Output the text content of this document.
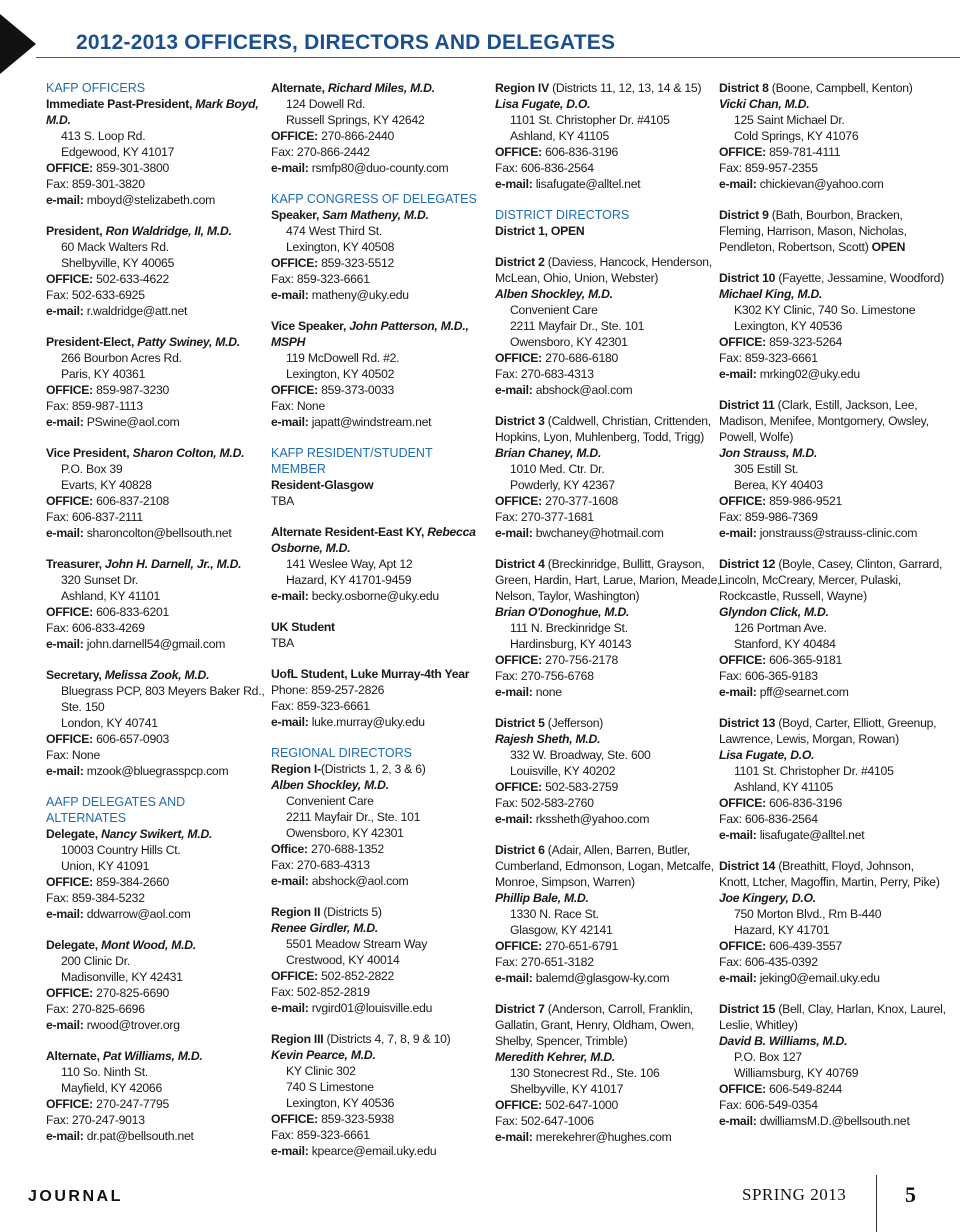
2012-2013 OFFICERS, DIRECTORS AND DELEGATES
KAFP OFFICERS
Immediate Past-President, Mark Boyd, M.D.
413 S. Loop Rd.
Edgewood, KY 41017
OFFICE: 859-301-3800
Fax: 859-301-3820
e-mail: mboyd@stelizabeth.com
President, Ron Waldridge, II, M.D.
60 Mack Walters Rd.
Shelbyville, KY 40065
OFFICE: 502-633-4622
Fax: 502-633-6925
e-mail: r.waldridge@att.net
President-Elect, Patty Swiney, M.D.
266 Bourbon Acres Rd.
Paris, KY 40361
OFFICE: 859-987-3230
Fax: 859-987-1113
e-mail: PSwine@aol.com
Vice President, Sharon Colton, M.D.
P.O. Box 39
Evarts, KY 40828
OFFICE: 606-837-2108
Fax: 606-837-2111
e-mail: sharoncolton@bellsouth.net
Treasurer, John H. Darnell, Jr., M.D.
320 Sunset Dr.
Ashland, KY 41101
OFFICE: 606-833-6201
Fax: 606-833-4269
e-mail: john.darnell54@gmail.com
Secretary, Melissa Zook, M.D.
Bluegrass PCP, 803 Meyers Baker Rd.,
Ste. 150
London, KY 40741
OFFICE: 606-657-0903
Fax: None
e-mail: mzook@bluegrasspcp.com
AAFP DELEGATES AND
ALTERNATES
Delegate, Nancy Swikert, M.D.
10003 Country Hills Ct.
Union, KY 41091
OFFICE: 859-384-2660
Fax: 859-384-5232
e-mail: ddwarrow@aol.com
Delegate, Mont Wood, M.D.
200 Clinic Dr.
Madisonville, KY 42431
OFFICE: 270-825-6690
Fax: 270-825-6696
e-mail: rwood@trover.org
Alternate, Pat Williams, M.D.
110 So. Ninth St.
Mayfield, KY 42066
OFFICE: 270-247-7795
Fax: 270-247-9013
e-mail: dr.pat@bellsouth.net
Alternate, Richard Miles, M.D.
124 Dowell Rd.
Russell Springs, KY 42642
OFFICE: 270-866-2440
Fax: 270-866-2442
e-mail: rsmfp80@duo-county.com
KAFP CONGRESS OF DELEGATES
Speaker, Sam Matheny, M.D.
474 West Third St.
Lexington, KY 40508
OFFICE: 859-323-5512
Fax: 859-323-6661
e-mail: matheny@uky.edu
Vice Speaker, John Patterson, M.D., MSPH
119 McDowell Rd. #2.
Lexington, KY 40502
OFFICE: 859-373-0033
Fax: None
e-mail: japatt@windstream.net
KAFP RESIDENT/STUDENT
MEMBER
Resident-Glasgow
TBA
Alternate Resident-East KY, Rebecca Osborne, M.D.
141 Weslee Way, Apt 12
Hazard, KY 41701-9459
e-mail: becky.osborne@uky.edu
UK Student
TBA
UofL Student, Luke Murray-4th Year
Phone: 859-257-2826
Fax: 859-323-6661
e-mail: luke.murray@uky.edu
REGIONAL DIRECTORS
Region I-(Districts 1, 2, 3 & 6)
Alben Shockley, M.D.
Convenient Care
2211 Mayfair Dr., Ste. 101
Owensboro, KY 42301
Office: 270-688-1352
Fax: 270-683-4313
e-mail: abshock@aol.com
Region II (Districts 5)
Renee Girdler, M.D.
5501 Meadow Stream Way
Crestwood, KY 40014
OFFICE: 502-852-2822
Fax: 502-852-2819
e-mail: rvgird01@louisville.edu
Region III (Districts 4, 7, 8, 9 & 10)
Kevin Pearce, M.D.
KY Clinic 302
740 S Limestone
Lexington, KY 40536
OFFICE: 859-323-5938
Fax: 859-323-6661
e-mail: kpearce@email.uky.edu
Region IV (Districts 11, 12, 13, 14 & 15)
Lisa Fugate, D.O.
1101 St. Christopher Dr. #4105
Ashland, KY 41105
OFFICE: 606-836-3196
Fax: 606-836-2564
e-mail: lisafugate@alltel.net
DISTRICT DIRECTORS
District 1, OPEN
District 2 (Daviess, Hancock, Henderson, McLean, Ohio, Union, Webster)
Alben Shockley, M.D.
Convenient Care
2211 Mayfair Dr., Ste. 101
Owensboro, KY 42301
OFFICE: 270-686-6180
Fax: 270-683-4313
e-mail: abshock@aol.com
District 3 (Caldwell, Christian, Crittenden, Hopkins, Lyon, Muhlenberg, Todd, Trigg)
Brian Chaney, M.D.
1010 Med. Ctr. Dr.
Powderly, KY 42367
OFFICE: 270-377-1608
Fax: 270-377-1681
e-mail: bwchaney@hotmail.com
District 4 (Breckinridge, Bullitt, Grayson, Green, Hardin, Hart, Larue, Marion, Meade, Nelson, Taylor, Washington)
Brian O'Donoghue, M.D.
111 N. Breckinridge St.
Hardinsburg, KY 40143
OFFICE: 270-756-2178
Fax: 270-756-6768
e-mail: none
District 5 (Jefferson)
Rajesh Sheth, M.D.
332 W. Broadway, Ste. 600
Louisville, KY 40202
OFFICE: 502-583-2759
Fax: 502-583-2760
e-mail: rkssheth@yahoo.com
District 6 (Adair, Allen, Barren, Butler, Cumberland, Edmonson, Logan, Metcalfe, Monroe, Simpson, Warren)
Phillip Bale, M.D.
1330 N. Race St.
Glasgow, KY 42141
OFFICE: 270-651-6791
Fax: 270-651-3182
e-mail: balemd@glasgow-ky.com
District 7 (Anderson, Carroll, Franklin, Gallatin, Grant, Henry, Oldham, Owen, Shelby, Spencer, Trimble)
Meredith Kehrer, M.D.
130 Stonecrest Rd., Ste. 106
Shelbyville, KY 41017
OFFICE: 502-647-1000
Fax: 502-647-1006
e-mail: merekehrer@hughes.com
District 8 (Boone, Campbell, Kenton)
Vicki Chan, M.D.
125 Saint Michael Dr.
Cold Springs, KY 41076
OFFICE: 859-781-4111
Fax: 859-957-2355
e-mail: chickievan@yahoo.com
District 9 (Bath, Bourbon, Bracken, Fleming, Harrison, Mason, Nicholas, Pendleton, Robertson, Scott) OPEN
District 10 (Fayette, Jessamine, Woodford)
Michael King, M.D.
K302 KY Clinic, 740 So. Limestone
Lexington, KY 40536
OFFICE: 859-323-5264
Fax: 859-323-6661
e-mail: mrking02@uky.edu
District 11 (Clark, Estill, Jackson, Lee, Madison, Menifee, Montgomery, Owsley, Powell, Wolfe)
Jon Strauss, M.D.
305 Estill St.
Berea, KY 40403
OFFICE: 859-986-9521
Fax: 859-986-7369
e-mail: jonstrauss@strauss-clinic.com
District 12 (Boyle, Casey, Clinton, Garrard, Lincoln, McCreary, Mercer, Pulaski, Rockcastle, Russell, Wayne)
Glyndon Click, M.D.
126 Portman Ave.
Stanford, KY 40484
OFFICE: 606-365-9181
Fax: 606-365-9183
e-mail: pff@searnet.com
District 13 (Boyd, Carter, Elliott, Greenup, Lawrence, Lewis, Morgan, Rowan)
Lisa Fugate, D.O.
1101 St. Christopher Dr. #4105
Ashland, KY 41105
OFFICE: 606-836-3196
Fax: 606-836-2564
e-mail: lisafugate@alltel.net
District 14 (Breathitt, Floyd, Johnson, Knott, Ltcher, Magoffin, Martin, Perry, Pike)
Joe Kingery, D.O.
750 Morton Blvd., Rm B-440
Hazard, KY 41701
OFFICE: 606-439-3557
Fax: 606-435-0392
e-mail: jeking0@email.uky.edu
District 15 (Bell, Clay, Harlan, Knox, Laurel, Leslie, Whitley)
David B. Williams, M.D.
P.O. Box 127
Williamsburg, KY 40769
OFFICE: 606-549-8244
Fax: 606-549-0354
e-mail: dwilliamsM.D.@bellsouth.net
JOURNAL	SPRING 2013	5
